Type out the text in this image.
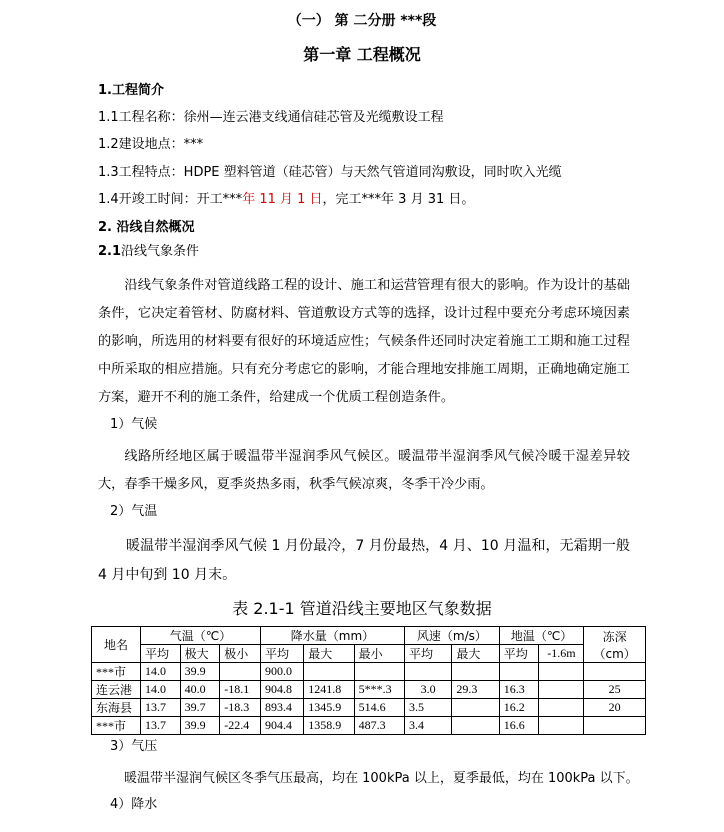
（一） 第 二分册 ***段
第一章 工程概况
1.工程简介
1.1工程名称：徐州—连云港支线通信硅芯管及光缆敷设工程
1.2建设地点：***
1.3工程特点：HDPE 塑料管道（硅芯管）与天然气管道同沟敷设，同时吹入光缆
1.4开竣工时间：开工***年 11 月 1 日，完工***年 3 月 31 日。
2. 沿线自然概况
2.1沿线气象条件
沿线气象条件对管道线路工程的设计、施工和运营管理有很大的影响。作为设计的基础条件，它决定着管材、防腐材料、管道敷设方式等的选择，设计过程中要充分考虑环境因素的影响，所选用的材料要有很好的环境适应性；气候条件还同时决定着施工工期和施工过程中所采取的相应措施。只有充分考虑它的影响，才能合理地安排施工周期，正确地确定施工方案，避开不利的施工条件，给建成一个优质工程创造条件。
1）气候
线路所经地区属于暖温带半湿润季风气候区。暖温带半湿润季风气候冷暖干湿差异较大，春季干燥多风，夏季炎热多雨，秋季气候凉爽，冬季干冷少雨。
2）气温
暖温带半湿润季风气候 1 月份最冷，7 月份最热，4 月、10 月温和，无霜期一般 4 月中旬到 10 月末。
表 2.1-1 管道沿线主要地区气象数据
地名	气温（℃）			降水量（mm）			风速（m/s）		地温（℃）		冻深
（cm）
	平均	极大	极小	平均	最大	最小	平均	最大	平均	-1.6m	
***市	14.0	39.9		900.0							
连云港	14.0	40.0	-18.1	904.8	1241.8	5***.3	3.0	29.3	16.3		25
东海县	13.7	39.7	-18.3	893.4	1345.9	514.6	3.5		16.2		20
***市	13.7	39.9	-22.4	904.4	1358.9	487.3	3.4		16.6		
3）气压
暖温带半湿润气候区冬季气压最高，均在 100kPa 以上，夏季最低，均在 100kPa 以下。
4）降水
